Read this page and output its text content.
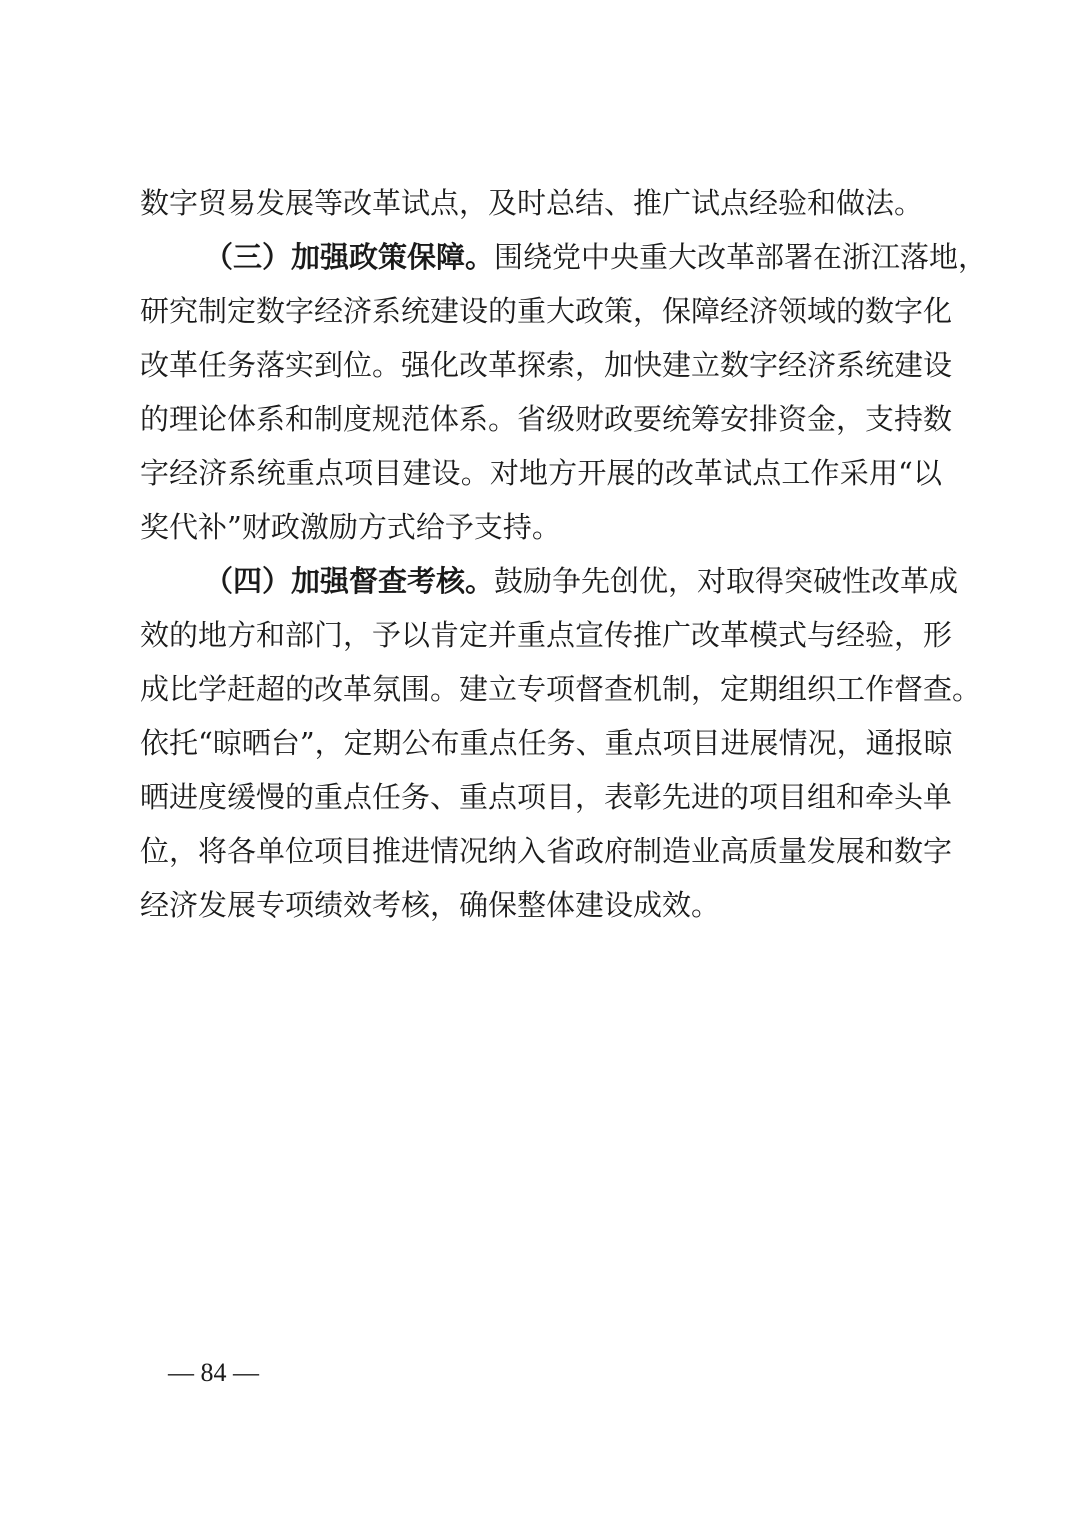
数字贸易发展等改革试点，及时总结、推广试点经验和做法。
（三）加强政策保障。围绕党中央重大改革部署在浙江落地，
研究制定数字经济系统建设的重大政策，保障经济领域的数字化
改革任务落实到位。强化改革探索，加快建立数字经济系统建设
的理论体系和制度规范体系。省级财政要统筹安排资金，支持数
字经济系统重点项目建设。对地方开展的改革试点工作采用“以
奖代补”财政激励方式给予支持。
（四）加强督查考核。鼓励争先创优，对取得突破性改革成
效的地方和部门，予以肯定并重点宣传推广改革模式与经验，形
成比学赶超的改革氛围。建立专项督查机制，定期组织工作督查。
依托“晾晒台”，定期公布重点任务、重点项目进展情况，通报晾
晒进度缓慢的重点任务、重点项目，表彰先进的项目组和牵头单
位，将各单位项目推进情况纳入省政府制造业高质量发展和数字
经济发展专项绩效考核，确保整体建设成效。
— 84 —
